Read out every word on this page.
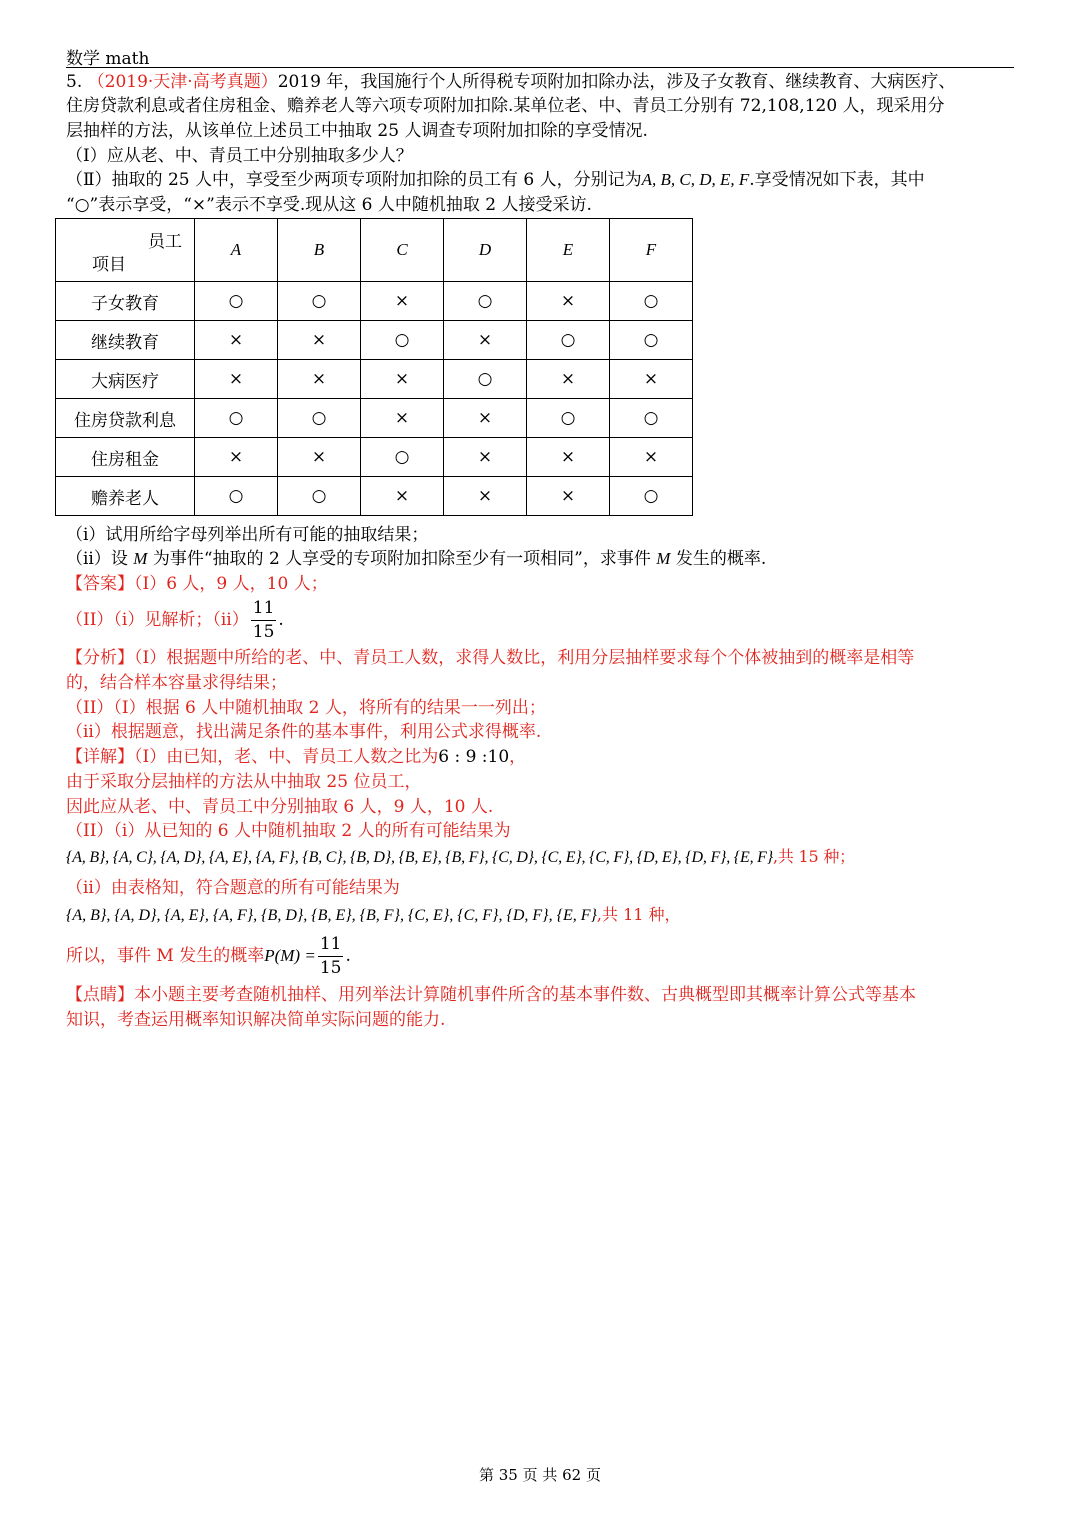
数学 math
5. （2019·天津·高考真题）2019 年，我国施行个人所得税专项附加扣除办法，涉及子女教育、继续教育、大病医疗、
住房贷款利息或者住房租金、赡养老人等六项专项附加扣除.某单位老、中、青员工分别有 72,108,120 人，现采用分
层抽样的方法，从该单位上述员工中抽取 25 人调查专项附加扣除的享受情况.
（Ⅰ）应从老、中、青员工中分别抽取多少人？
（Ⅱ）抽取的 25 人中，享受至少两项专项附加扣除的员工有 6 人，分别记为A, B, C, D, E, F.享受情况如下表，其中
“○”表示享受，“×”表示不享受.现从这 6 人中随机抽取 2 人接受采访.
员工
项目	A	B	C	D	E	F
子女教育	○	○	×	○	×	○
继续教育	×	×	○	×	○	○
大病医疗	×	×	×	○	×	×
住房贷款利息	○	○	×	×	○	○
住房租金	×	×	○	×	×	×
赡养老人	○	○	×	×	×	○
（i）试用所给字母列举出所有可能的抽取结果；
（ii）设 M 为事件“抽取的 2 人享受的专项附加扣除至少有一项相同”，求事件 M 发生的概率.
【答案】（I）6 人，9 人，10 人；
（II）（i）见解析；$(ii) \frac{11}{15}$ .
【分析】（I）根据题中所给的老、中、青员工人数，求得人数比，利用分层抽样要求每个个体被抽到的概率是相等
的，结合样本容量求得结果；
（II）（I）根据 6 人中随机抽取 2 人，将所有的结果一一列出；
（ii）根据题意，找出满足条件的基本事件，利用公式求得概率.
【详解】（I）由已知，老、中、青员工人数之比为6 : 9 :10，
由于采取分层抽样的方法从中抽取 25 位员工，
因此应从老、中、青员工中分别抽取 6 人，9 人，10 人.
（II）（i）从已知的 6 人中随机抽取 2 人的所有可能结果为
{A, B}, {A, C}, {A, D}, {A, E}, {A, F}, {B, C}, {B, D}, {B, E}, {B, F}, {C, D}, {C, E}, {C, F}, {D, E}, {D, F}, {E, F},共 15 种；
（ii）由表格知，符合题意的所有可能结果为
{A, B}, {A, D}, {A, E}, {A, F}, {B, D}, {B, E}, {B, F}, {C, E}, {C, F}, {D, F}, {E, F},共 11 种，
所以，事件 M 发生的概率$P(M) = \frac{11}{15}$ .
【点睛】本小题主要考查随机抽样、用列举法计算随机事件所含的基本事件数、古典概型即其概率计算公式等基本
知识，考查运用概率知识解决简单实际问题的能力.
第 35 页 共 62 页
